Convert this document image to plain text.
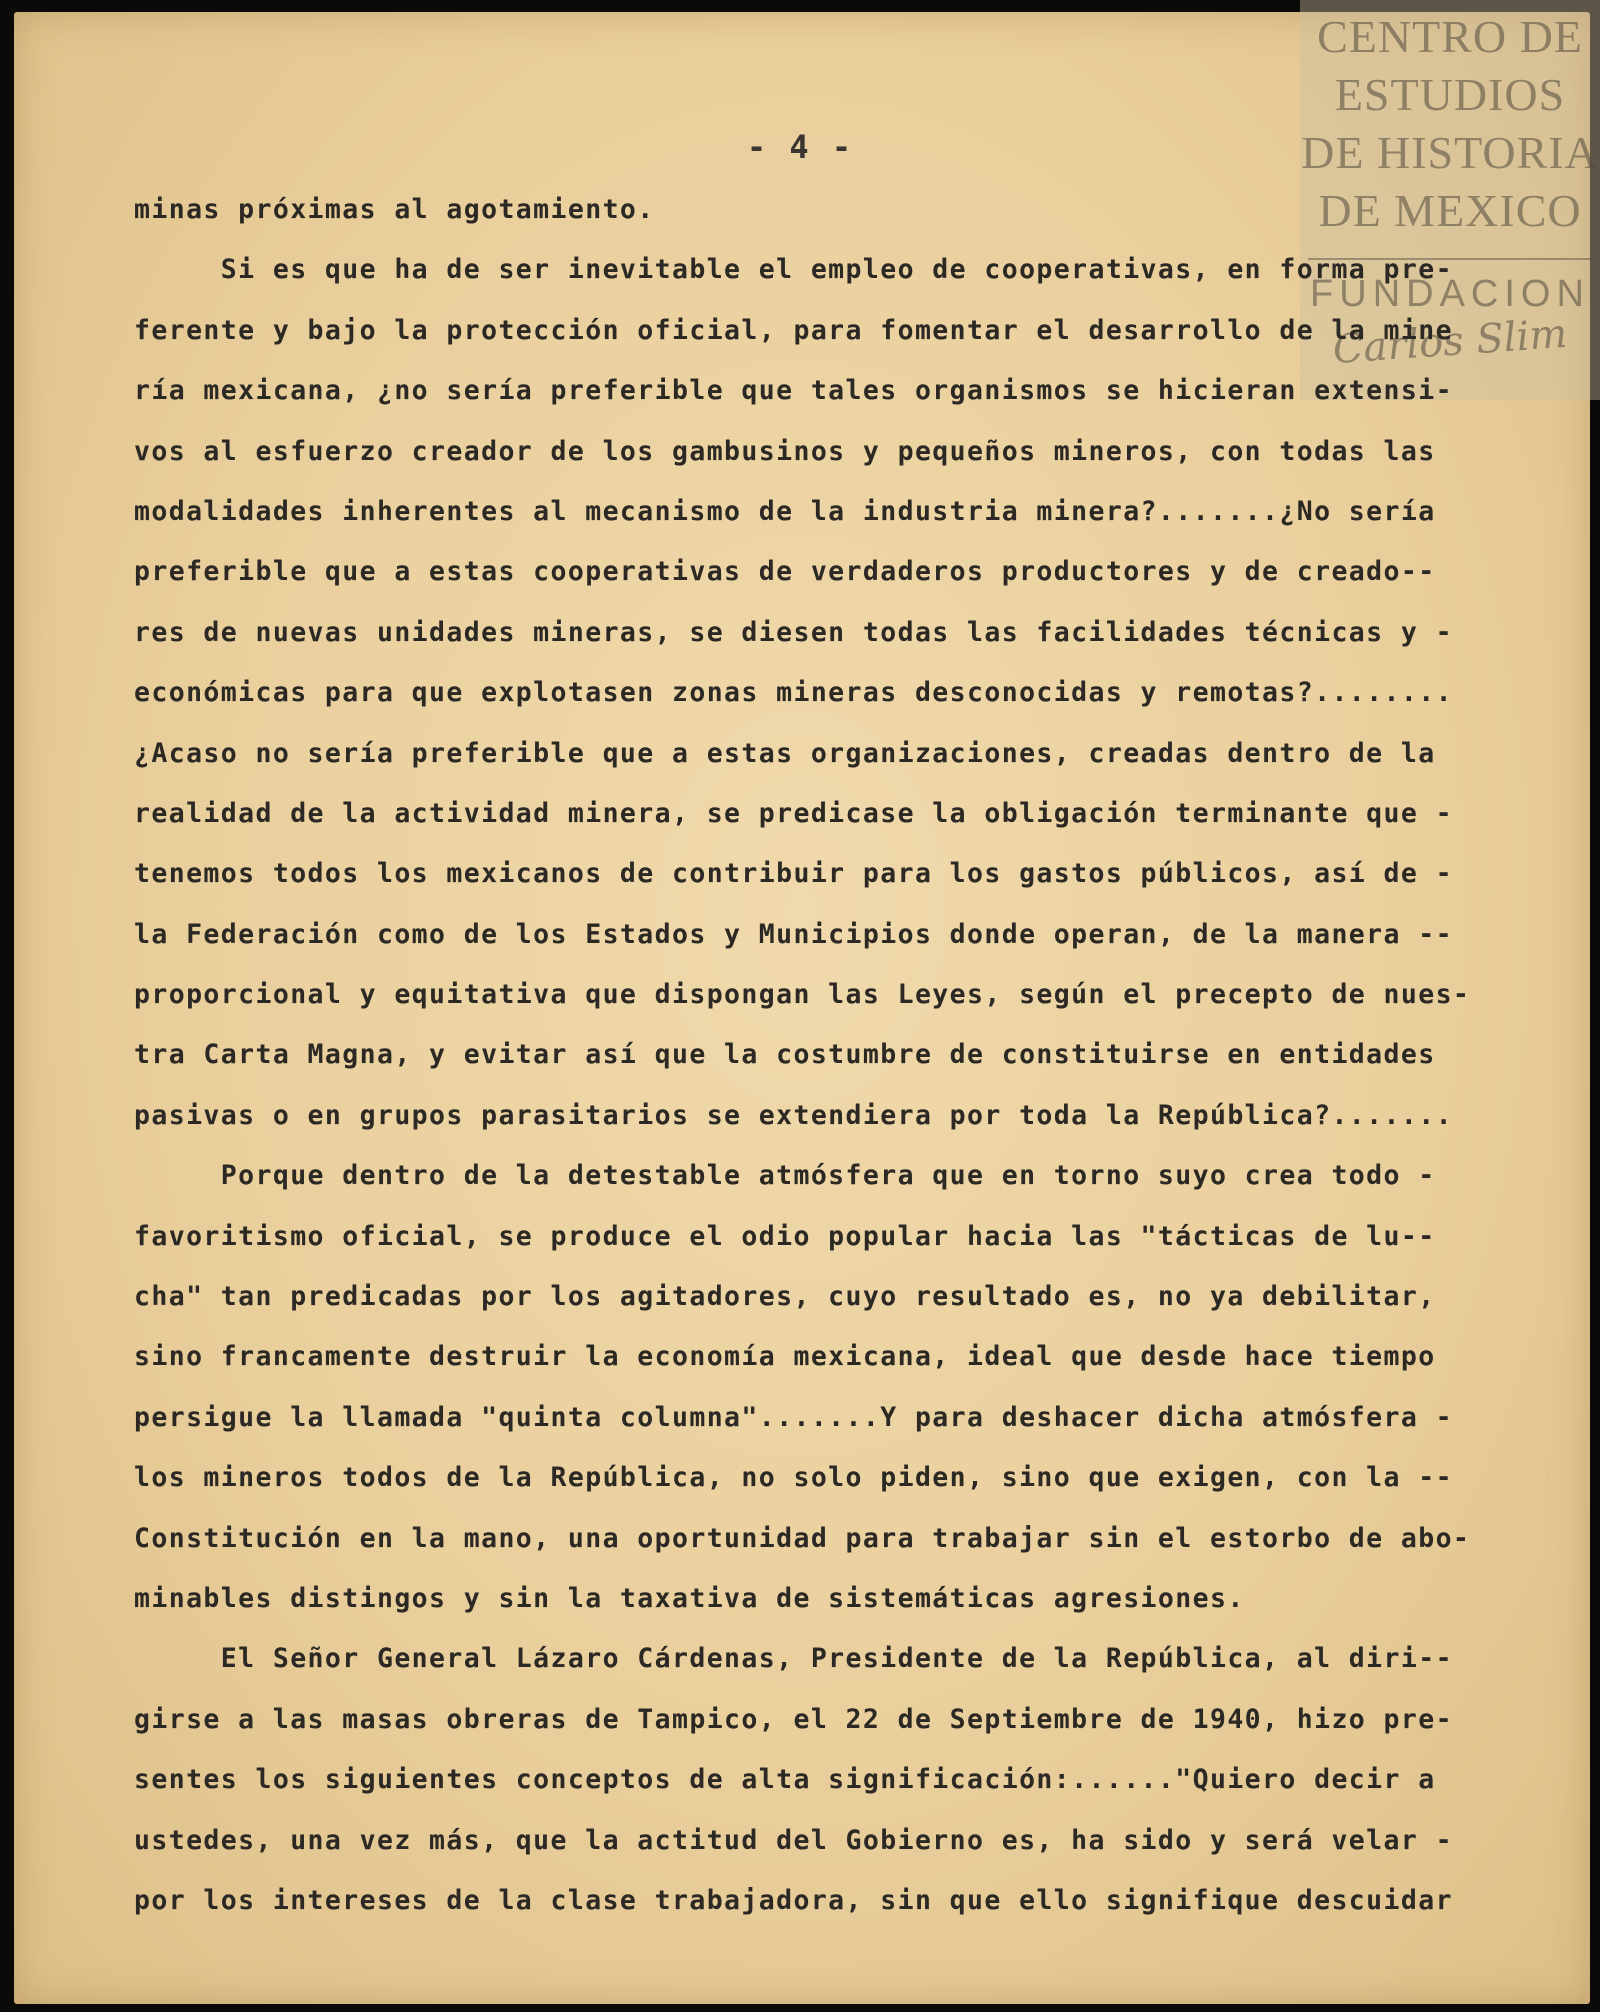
CENTRO DE
ESTUDIOS
DE HISTORIA
DE MEXICO
FUNDACION
Carlos Slim
- 4 -
minas próximas al agotamiento.
Si es que ha de ser inevitable el empleo de cooperativas, en forma pre-
ferente y bajo la protección oficial, para fomentar el desarrollo de la mine
ría mexicana, ¿no sería preferible que tales organismos se hicieran extensi-
vos al esfuerzo creador de los gambusinos y pequeños mineros, con todas las
modalidades inherentes al mecanismo de la industria minera?.......¿No sería
preferible que a estas cooperativas de verdaderos productores y de creado--
res de nuevas unidades mineras, se diesen todas las facilidades técnicas y -
económicas para que explotasen zonas mineras desconocidas y remotas?........
¿Acaso no sería preferible que a estas organizaciones, creadas dentro de la
realidad de la actividad minera, se predicase la obligación terminante que -
tenemos todos los mexicanos de contribuir para los gastos públicos, así de -
la Federación como de los Estados y Municipios donde operan, de la manera --
proporcional y equitativa que dispongan las Leyes, según el precepto de nues-
tra Carta Magna, y evitar así que la costumbre de constituirse en entidades
pasivas o en grupos parasitarios se extendiera por toda la República?.......
Porque dentro de la detestable atmósfera que en torno suyo crea todo -
favoritismo oficial, se produce el odio popular hacia las "tácticas de lu--
cha" tan predicadas por los agitadores, cuyo resultado es, no ya debilitar,
sino francamente destruir la economía mexicana, ideal que desde hace tiempo
persigue la llamada "quinta columna".......Y para deshacer dicha atmósfera -
los mineros todos de la República, no solo piden, sino que exigen, con la --
Constitución en la mano, una oportunidad para trabajar sin el estorbo de abo-
minables distingos y sin la taxativa de sistemáticas agresiones.
El Señor General Lázaro Cárdenas, Presidente de la República, al diri--
girse a las masas obreras de Tampico, el 22 de Septiembre de 1940, hizo pre-
sentes los siguientes conceptos de alta significación:......"Quiero decir a
ustedes, una vez más, que la actitud del Gobierno es, ha sido y será velar -
por los intereses de la clase trabajadora, sin que ello signifique descuidar
